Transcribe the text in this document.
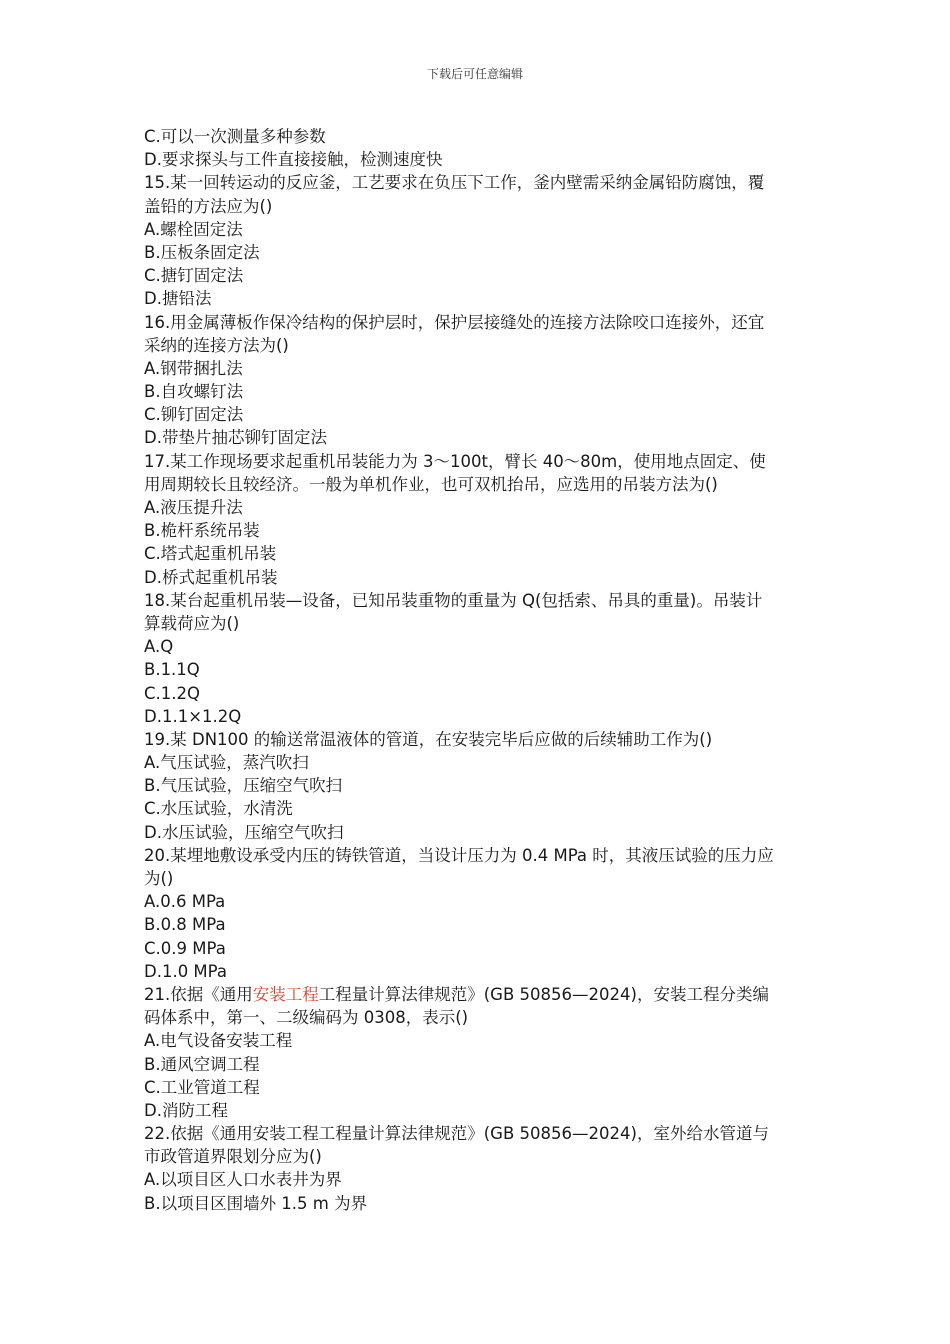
下载后可任意编辑
C.可以一次测量多种参数
D.要求探头与工件直接接触，检测速度快
15.某一回转运动的反应釜，工艺要求在负压下工作，釜内壁需采纳金属铅防腐蚀，覆
盖铅的方法应为()
A.螺栓固定法
B.压板条固定法
C.搪钉固定法
D.搪铅法
16.用金属薄板作保冷结构的保护层时，保护层接缝处的连接方法除咬口连接外，还宜
采纳的连接方法为()
A.钢带捆扎法
B.自攻螺钉法
C.铆钉固定法
D.带垫片抽芯铆钉固定法
17.某工作现场要求起重机吊装能力为 3～100t，臂长 40～80m，使用地点固定、使
用周期较长且较经济。一般为单机作业，也可双机抬吊，应选用的吊装方法为()
A.液压提升法
B.桅杆系统吊装
C.塔式起重机吊装
D.桥式起重机吊装
18.某台起重机吊装—设备，已知吊装重物的重量为 Q(包括索、吊具的重量)。吊装计
算载荷应为()
A.Q
B.1.1Q
C.1.2Q
D.1.1×1.2Q
19.某 DN100 的输送常温液体的管道，在安装完毕后应做的后续辅助工作为()
A.气压试验，蒸汽吹扫
B.气压试验，压缩空气吹扫
C.水压试验，水清洗
D.水压试验，压缩空气吹扫
20.某埋地敷设承受内压的铸铁管道，当设计压力为 0.4 MPa 时，其液压试验的压力应
为()
A.0.6 MPa
B.0.8 MPa
C.0.9 MPa
D.1.0 MPa
21.依据《通用安装工程工程量计算法律规范》(GB 50856—2024)，安装工程分类编
码体系中，第一、二级编码为 0308，表示()
A.电气设备安装工程
B.通风空调工程
C.工业管道工程
D.消防工程
22.依据《通用安装工程工程量计算法律规范》(GB 50856—2024)，室外给水管道与
市政管道界限划分应为()
A.以项目区人口水表井为界
B.以项目区围墙外 1.5 m 为界
